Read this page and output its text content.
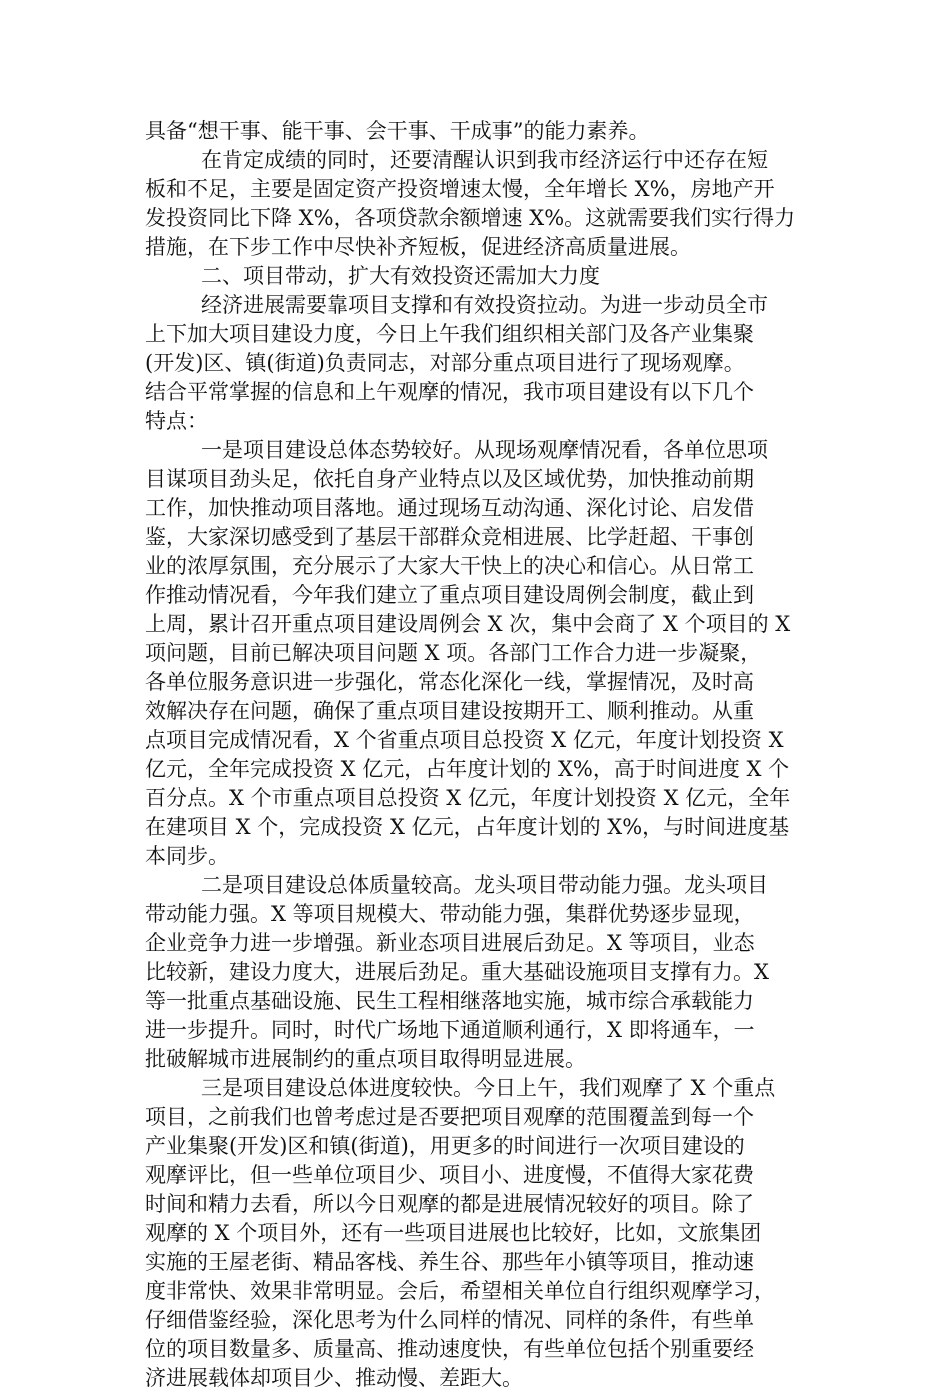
具备“想干事、能干事、会干事、干成事”的能力素养。
在肯定成绩的同时，还要清醒认识到我市经济运行中还存在短
板和不足，主要是固定资产投资增速太慢，全年增长 X%，房地产开
发投资同比下降 X%，各项贷款余额增速 X%。这就需要我们实行得力
措施，在下步工作中尽快补齐短板，促进经济高质量进展。
二、项目带动，扩大有效投资还需加大力度
经济进展需要靠项目支撑和有效投资拉动。为进一步动员全市
上下加大项目建设力度，今日上午我们组织相关部门及各产业集聚
(开发)区、镇(街道)负责同志，对部分重点项目进行了现场观摩。
结合平常掌握的信息和上午观摩的情况，我市项目建设有以下几个
特点：
一是项目建设总体态势较好。从现场观摩情况看，各单位思项
目谋项目劲头足，依托自身产业特点以及区域优势，加快推动前期
工作，加快推动项目落地。通过现场互动沟通、深化讨论、启发借
鉴，大家深切感受到了基层干部群众竞相进展、比学赶超、干事创
业的浓厚氛围，充分展示了大家大干快上的决心和信心。从日常工
作推动情况看，今年我们建立了重点项目建设周例会制度，截止到
上周，累计召开重点项目建设周例会 X 次，集中会商了 X 个项目的 X
项问题，目前已解决项目问题 X 项。各部门工作合力进一步凝聚，
各单位服务意识进一步强化，常态化深化一线，掌握情况，及时高
效解决存在问题，确保了重点项目建设按期开工、顺利推动。从重
点项目完成情况看，X 个省重点项目总投资 X 亿元，年度计划投资 X
亿元，全年完成投资 X 亿元，占年度计划的 X%，高于时间进度 X 个
百分点。X 个市重点项目总投资 X 亿元，年度计划投资 X 亿元，全年
在建项目 X 个，完成投资 X 亿元，占年度计划的 X%，与时间进度基
本同步。
二是项目建设总体质量较高。龙头项目带动能力强。龙头项目
带动能力强。X 等项目规模大、带动能力强，集群优势逐步显现，
企业竞争力进一步增强。新业态项目进展后劲足。X 等项目，业态
比较新，建设力度大，进展后劲足。重大基础设施项目支撑有力。X
等一批重点基础设施、民生工程相继落地实施，城市综合承载能力
进一步提升。同时，时代广场地下通道顺利通行，X 即将通车，一
批破解城市进展制约的重点项目取得明显进展。
三是项目建设总体进度较快。今日上午，我们观摩了 X 个重点
项目，之前我们也曾考虑过是否要把项目观摩的范围覆盖到每一个
产业集聚(开发)区和镇(街道)，用更多的时间进行一次项目建设的
观摩评比，但一些单位项目少、项目小、进度慢，不值得大家花费
时间和精力去看，所以今日观摩的都是进展情况较好的项目。除了
观摩的 X 个项目外，还有一些项目进展也比较好，比如，文旅集团
实施的王屋老街、精品客栈、养生谷、那些年小镇等项目，推动速
度非常快、效果非常明显。会后，希望相关单位自行组织观摩学习，
仔细借鉴经验，深化思考为什么同样的情况、同样的条件，有些单
位的项目数量多、质量高、推动速度快，有些单位包括个别重要经
济进展载体却项目少、推动慢、差距大。
